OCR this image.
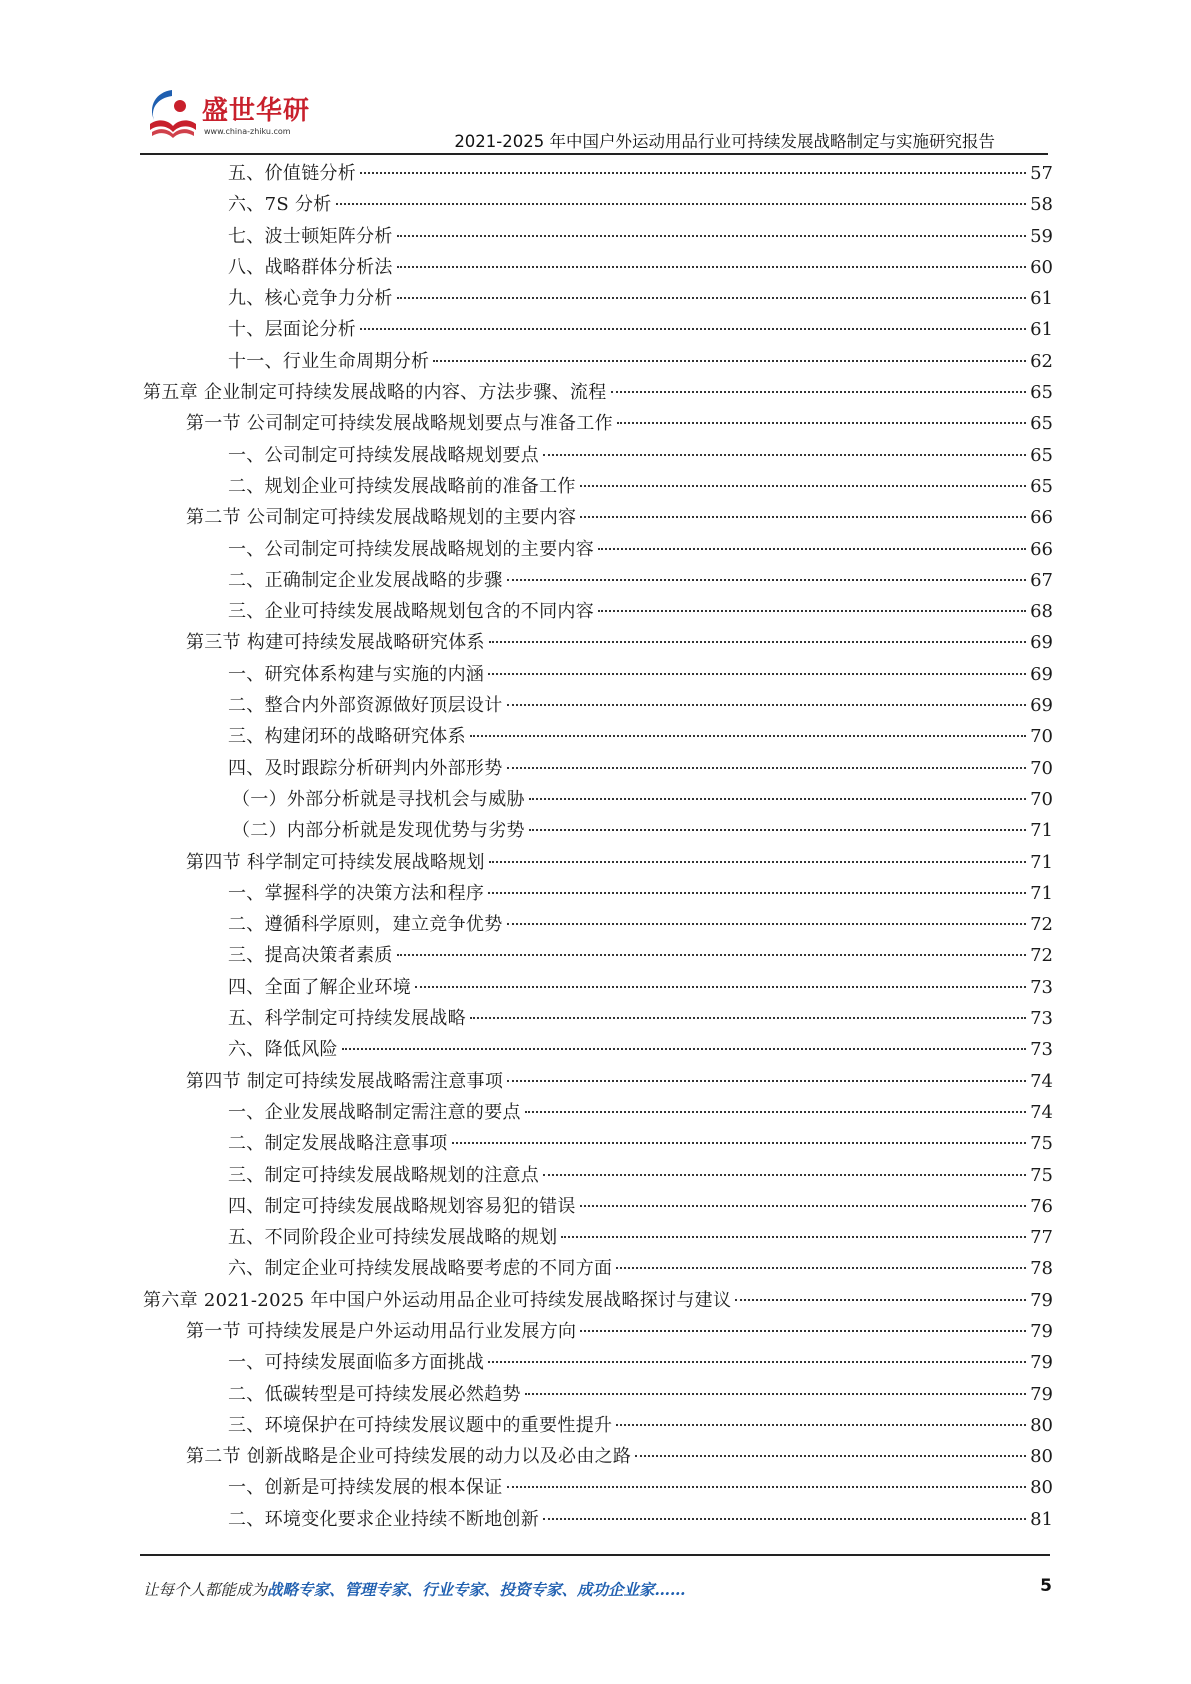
盛世华研
www.china-zhiku.com
2021-2025 年中国户外运动用品行业可持续发展战略制定与实施研究报告
五、价值链分析	57
六、7S 分析	58
七、波士顿矩阵分析	59
八、战略群体分析法	60
九、核心竞争力分析	61
十、层面论分析	61
十一、行业生命周期分析	62
第五章 企业制定可持续发展战略的内容、方法步骤、流程	65
第一节 公司制定可持续发展战略规划要点与准备工作	65
一、公司制定可持续发展战略规划要点	65
二、规划企业可持续发展战略前的准备工作	65
第二节 公司制定可持续发展战略规划的主要内容	66
一、公司制定可持续发展战略规划的主要内容	66
二、正确制定企业发展战略的步骤	67
三、企业可持续发展战略规划包含的不同内容	68
第三节 构建可持续发展战略研究体系	69
一、研究体系构建与实施的内涵	69
二、整合内外部资源做好顶层设计	69
三、构建闭环的战略研究体系	70
四、及时跟踪分析研判内外部形势	70
（一）外部分析就是寻找机会与威胁	70
（二）内部分析就是发现优势与劣势	71
第四节 科学制定可持续发展战略规划	71
一、掌握科学的决策方法和程序	71
二、遵循科学原则，建立竞争优势	72
三、提高决策者素质	72
四、全面了解企业环境	73
五、科学制定可持续发展战略	73
六、降低风险	73
第四节 制定可持续发展战略需注意事项	74
一、企业发展战略制定需注意的要点	74
二、制定发展战略注意事项	75
三、制定可持续发展战略规划的注意点	75
四、制定可持续发展战略规划容易犯的错误	76
五、不同阶段企业可持续发展战略的规划	77
六、制定企业可持续发展战略要考虑的不同方面	78
第六章 2021-2025 年中国户外运动用品企业可持续发展战略探讨与建议	79
第一节 可持续发展是户外运动用品行业发展方向	79
一、可持续发展面临多方面挑战	79
二、低碳转型是可持续发展必然趋势	79
三、环境保护在可持续发展议题中的重要性提升	80
第二节 创新战略是企业可持续发展的动力以及必由之路	80
一、创新是可持续发展的根本保证	80
二、环境变化要求企业持续不断地创新	81
让每个人都能成为战略专家、管理专家、行业专家、投资专家、成功企业家……	5
